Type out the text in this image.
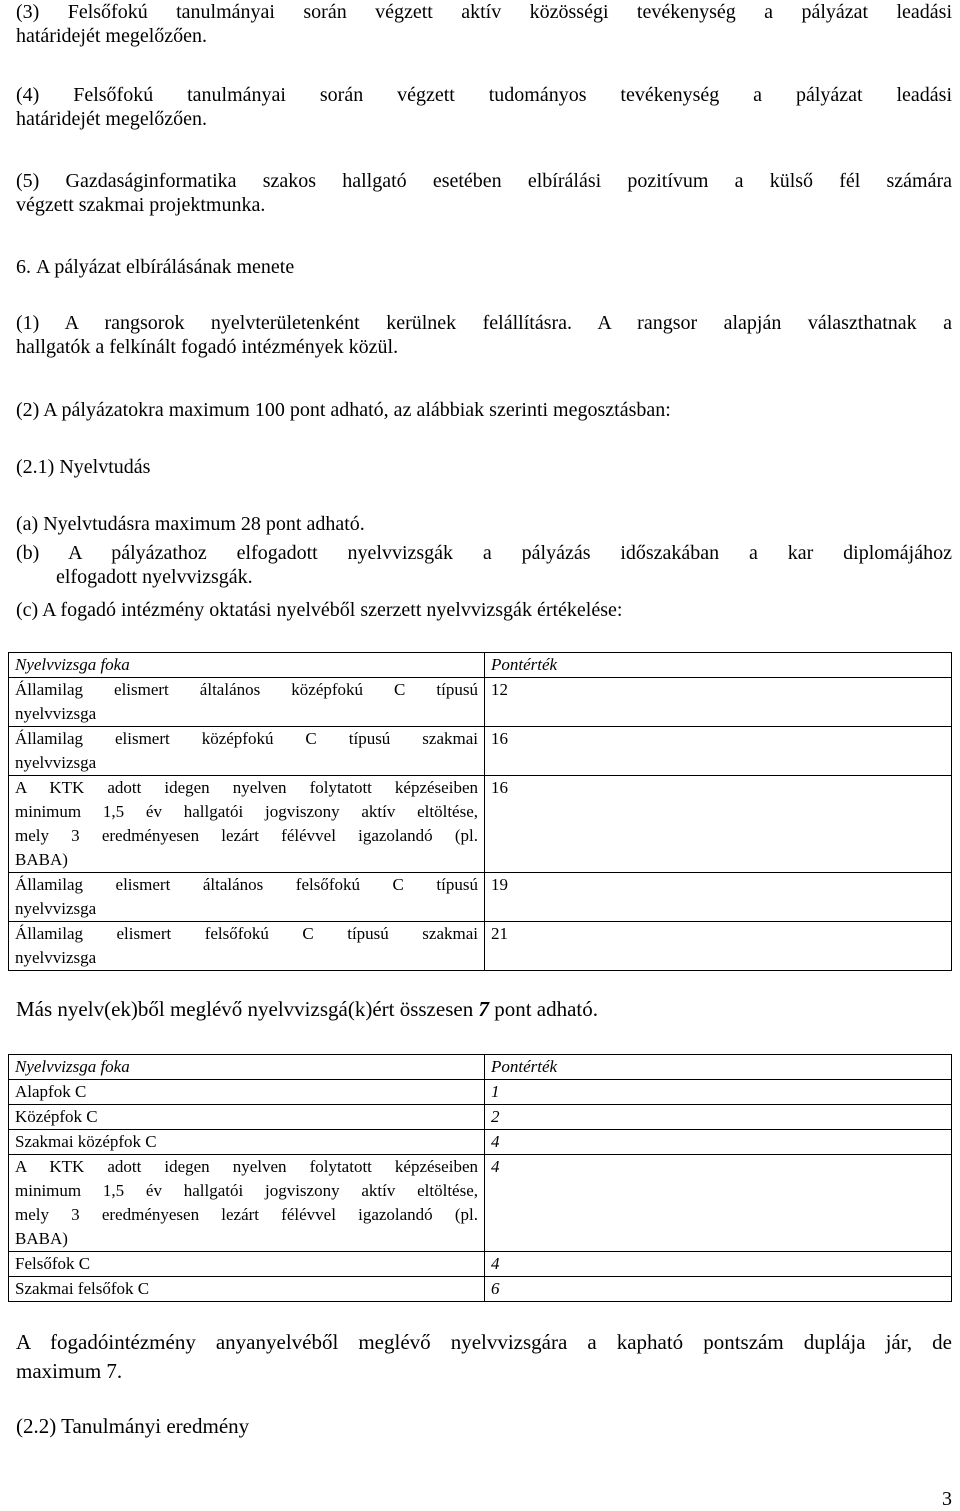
(3) Felsőfokú tanulmányai során végzett aktív közösségi tevékenység a pályázat leadási
határidejét megelőzően.
(4) Felsőfokú tanulmányai során végzett tudományos tevékenység a pályázat leadási
határidejét megelőzően.
(5) Gazdaságinformatika szakos hallgató esetében elbírálási pozitívum a külső fél számára
végzett szakmai projektmunka.
6. A pályázat elbírálásának menete
(1) A rangsorok nyelvterületenként kerülnek felállításra. A rangsor alapján választhatnak a
hallgatók a felkínált fogadó intézmények közül.
(2) A pályázatokra maximum 100 pont adható, az alábbiak szerinti megosztásban:
(2.1) Nyelvtudás
(a) Nyelvtudásra maximum 28 pont adható.
(b) A pályázathoz elfogadott nyelvvizsgák a pályázás időszakában a kar diplomájához
elfogadott nyelvvizsgák.
(c) A fogadó intézmény oktatási nyelvéből szerzett nyelvvizsgák értékelése:
Nyelvvizsga foka	Pontérték

Államilag elismert általános középfokú C típusú
nyelvvizsga	12

Államilag elismert középfokú C típusú szakmai
nyelvvizsga	16

A KTK adott idegen nyelven folytatott képzéseiben
minimum 1,5 év hallgatói jogviszony aktív eltöltése,
mely 3 eredményesen lezárt félévvel igazolandó (pl.
BABA)	16

Államilag elismert általános felsőfokú C típusú
nyelvvizsga	19

Államilag elismert felsőfokú C típusú szakmai
nyelvvizsga	21
Más nyelv(ek)ből meglévő nyelvvizsgá(k)ért összesen 7 pont adható.
Nyelvvizsga foka	Pontérték
Alapfok C	1
Középfok C	2
Szakmai középfok C	4

A KTK adott idegen nyelven folytatott képzéseiben
minimum 1,5 év hallgatói jogviszony aktív eltöltése,
mely 3 eredményesen lezárt félévvel igazolandó (pl.
BABA)	4
Felsőfok C	4
Szakmai felsőfok C	6
A fogadóintézmény anyanyelvéből meglévő nyelvvizsgára a kapható pontszám duplája jár, de
maximum 7.
(2.2) Tanulmányi eredmény
3
